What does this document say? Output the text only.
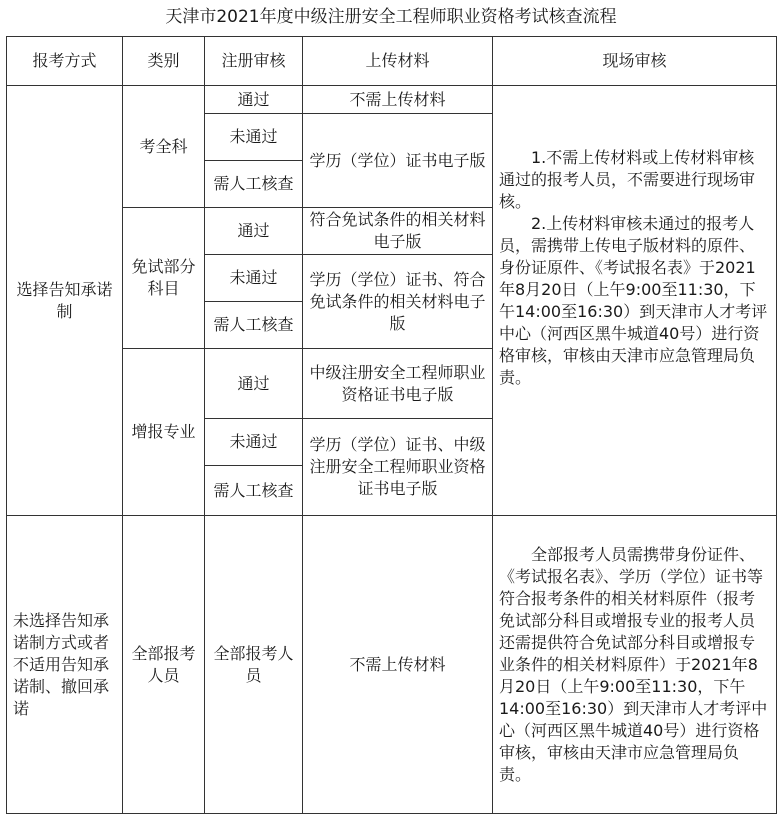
天津市2021年度中级注册安全工程师职业资格考试核查流程
报考方式	类别	注册审核	上传材料	现场审核
选择告知承诺制	考全科	通过	不需上传材料	1.不需上传材料或上传材料审核通过的报考人员，不需要进行现场审核。

2.上传材料审核未通过的报考人员，需携带上传电子版材料的原件、身份证原件、《考试报名表》于2021年8月20日（上午9:00至11:30，下午14:00至16:30）到天津市人才考评中心（河西区黑牛城道40号）进行资格审核，审核由天津市应急管理局负责。

		未通过	学历（学位）证书电子版	
		需人工核查		
	免试部分科目	通过	符合免试条件的相关材料电子版	
		未通过	学历（学位）证书、符合免试条件的相关材料电子版	
		需人工核查		
	增报专业	通过	中级注册安全工程师职业资格证书电子版	
		未通过	学历（学位）证书、中级注册安全工程师职业资格证书电子版	
		需人工核查		
未选择告知承诺制方式或者不适用告知承诺制、撤回承诺	全部报考人员	全部报考人员	不需上传材料	全部报考人员需携带身份证件、《考试报名表》、学历（学位）证书等符合报考条件的相关材料原件（报考免试部分科目或增报专业的报考人员还需提供符合免试部分科目或增报专业条件的相关材料原件）于2021年8月20日（上午9:00至11:30，下午14:00至16:30）到天津市人才考评中心（河西区黑牛城道40号）进行资格审核，审核由天津市应急管理局负责。
